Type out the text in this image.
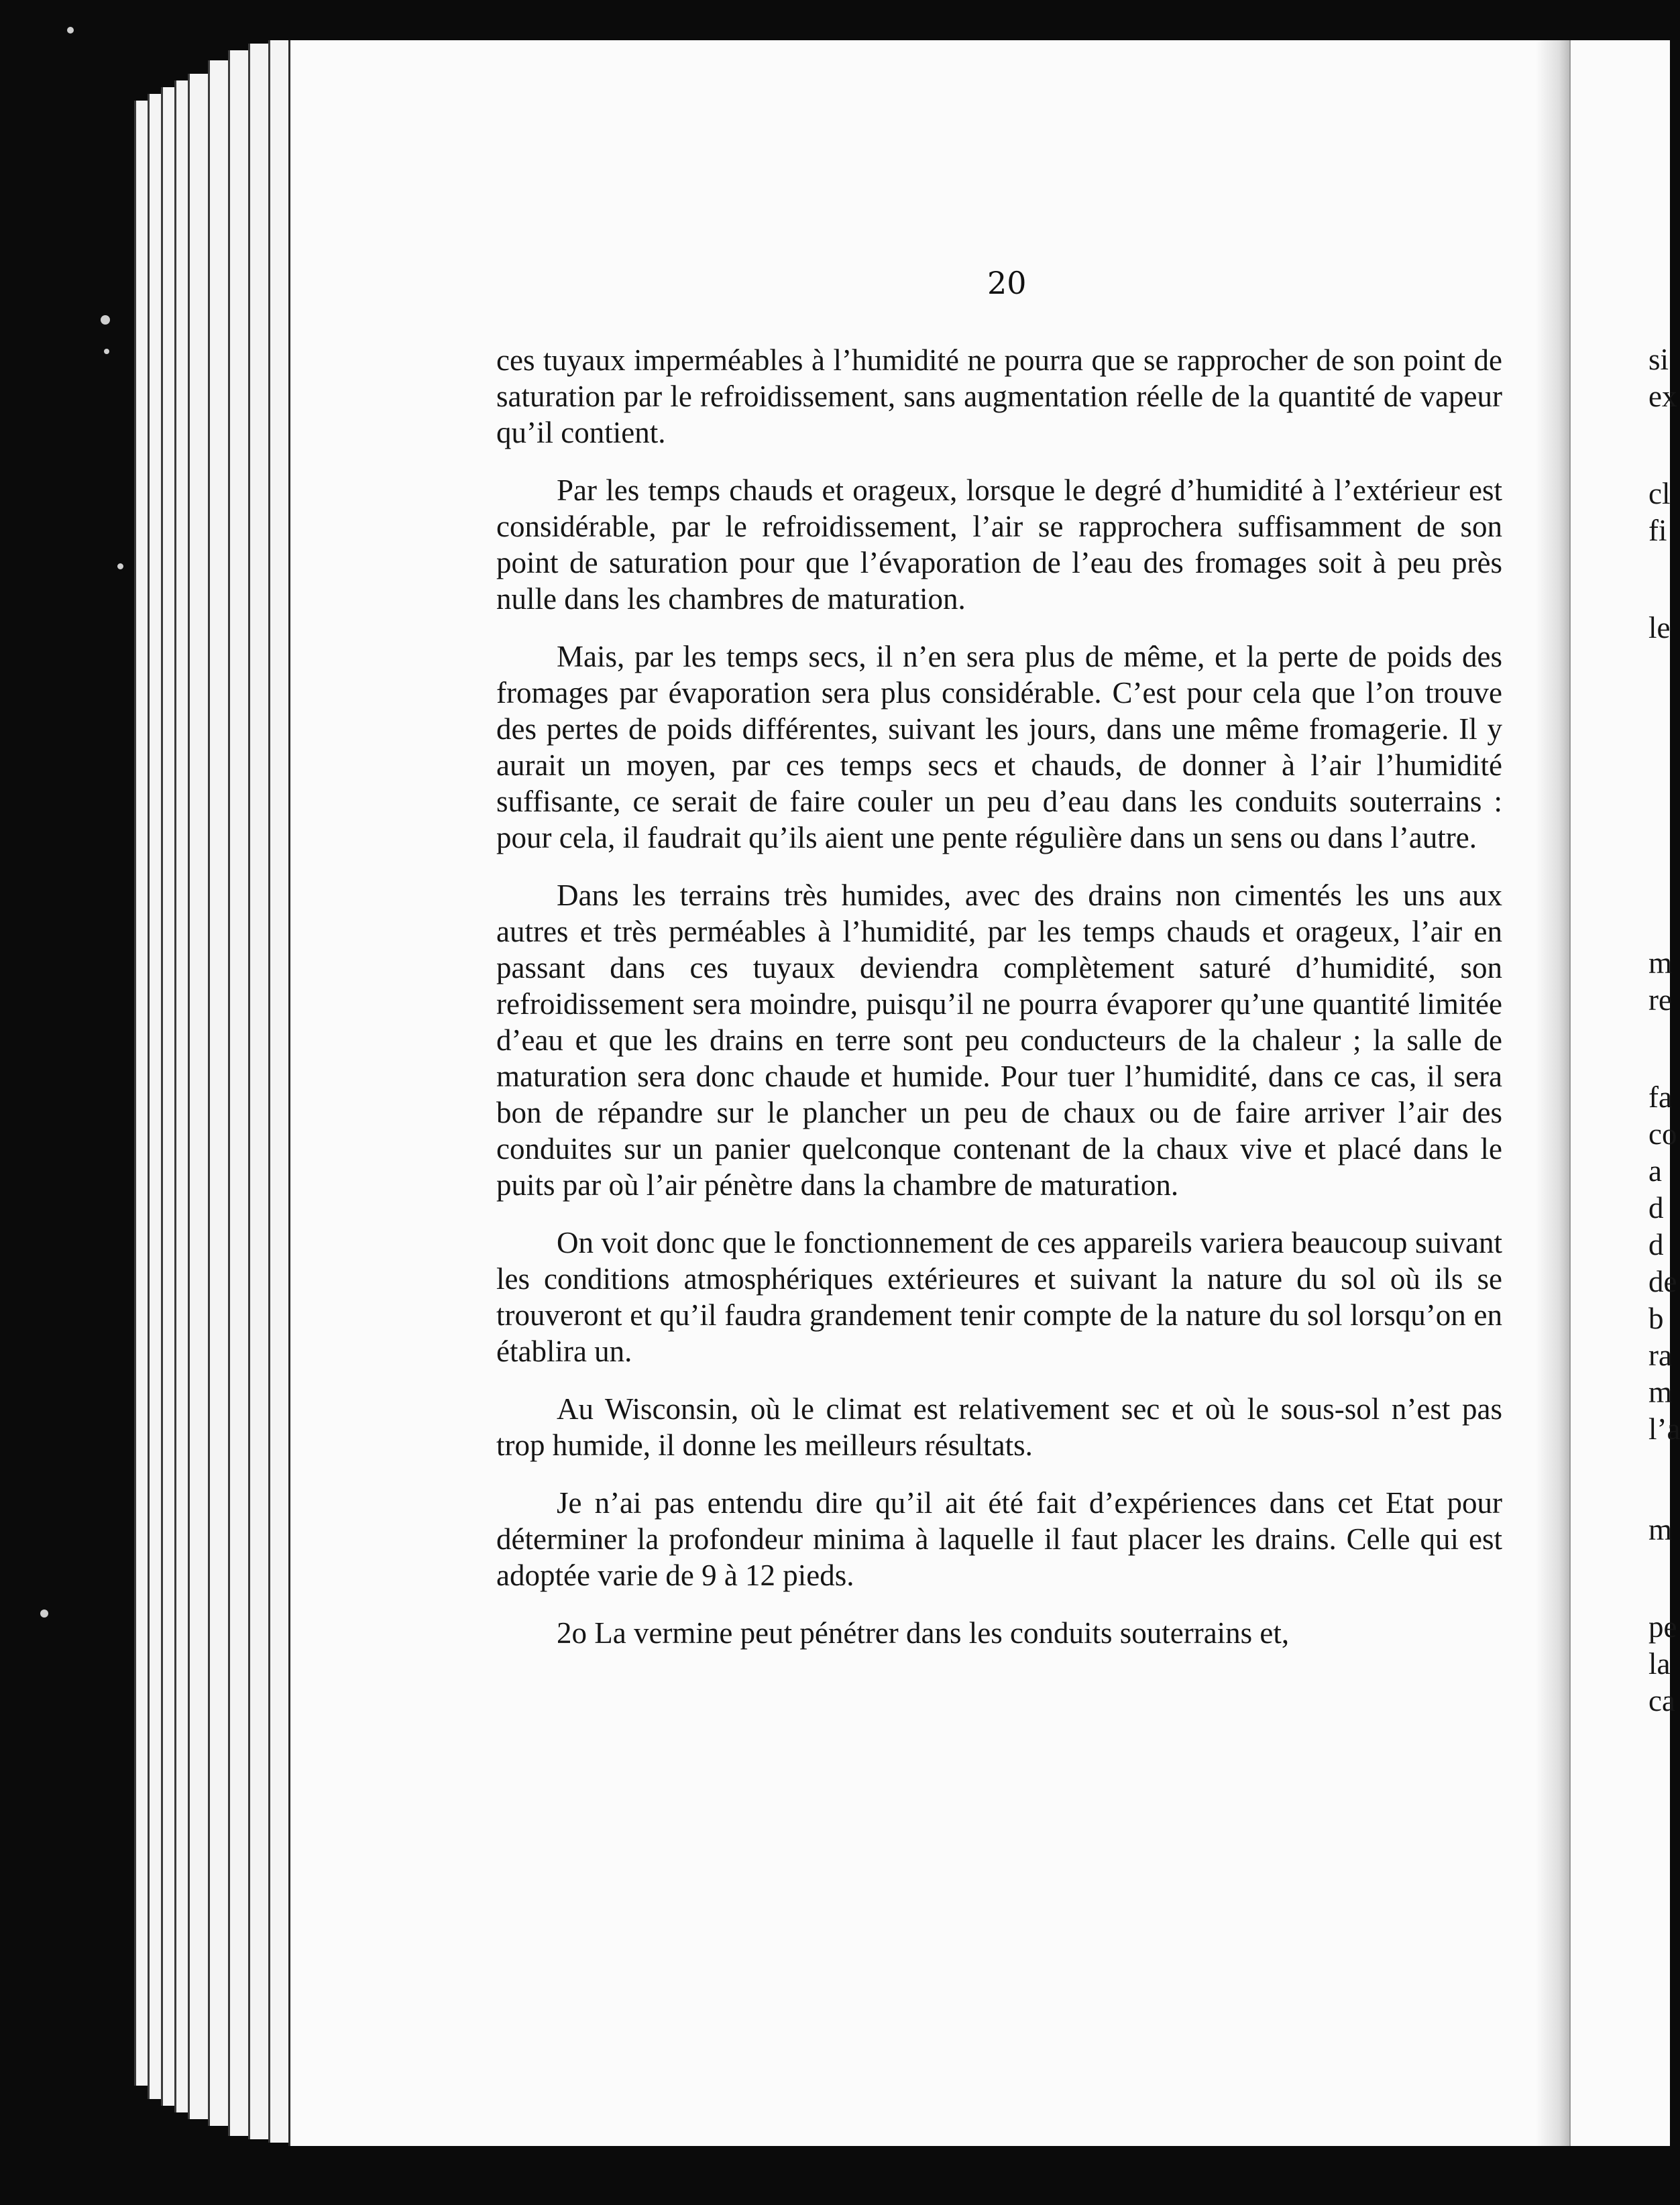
20

ces tuyaux imperméables à l’humidité ne pourra que se rapprocher de son point de saturation par le refroidissement, sans augmentation réelle de la quantité de vapeur qu’il contient.

Par les temps chauds et orageux, lorsque le degré d’humidité à l’extérieur est considérable, par le refroidissement, l’air se rapprochera suffisamment de son point de saturation pour que l’évaporation de l’eau des fromages soit à peu près nulle dans les chambres de maturation.

Mais, par les temps secs, il n’en sera plus de même, et la perte de poids des fromages par évaporation sera plus considérable. C’est pour cela que l’on trouve des pertes de poids différentes, suivant les jours, dans une même fromagerie. Il y aurait un moyen, par ces temps secs et chauds, de donner à l’air l’humidité suffisante, ce serait de faire couler un peu d’eau dans les conduits souterrains : pour cela, il faudrait qu’ils aient une pente régulière dans un sens ou dans l’autre.

Dans les terrains très humides, avec des drains non cimentés les uns aux autres et très perméables à l’humidité, par les temps chauds et orageux, l’air en passant dans ces tuyaux deviendra complètement saturé d’humidité, son refroidissement sera moindre, puisqu’il ne pourra évaporer qu’une quantité limitée d’eau et que les drains en terre sont peu conducteurs de la chaleur ; la salle de maturation sera donc chaude et humide. Pour tuer l’humidité, dans ce cas, il sera bon de répandre sur le plancher un peu de chaux ou de faire arriver l’air des conduites sur un panier quelconque contenant de la chaux vive et placé dans le puits par où l’air pénètre dans la chambre de maturation.

On voit donc que le fonctionnement de ces appareils variera beaucoup suivant les conditions atmosphériques extérieures et suivant la nature du sol où ils se trouveront et qu’il faudra grandement tenir compte de la nature du sol lorsqu’on en établira un.

Au Wisconsin, où le climat est relativement sec et où le sous-sol n’est pas trop humide, il donne les meilleurs résultats.

Je n’ai pas entendu dire qu’il ait été fait d’expériences dans cet Etat pour déterminer la profondeur minima à laquelle il faut placer les drains. Celle qui est adoptée varie de 9 à 12 pieds.

2o La vermine peut pénétrer dans les conduits souterrains et,

si
ex
cl
fi
le
m
re
fa
co
a
d
d
de
b
ra
m
l’a
m
pe
la
ca
